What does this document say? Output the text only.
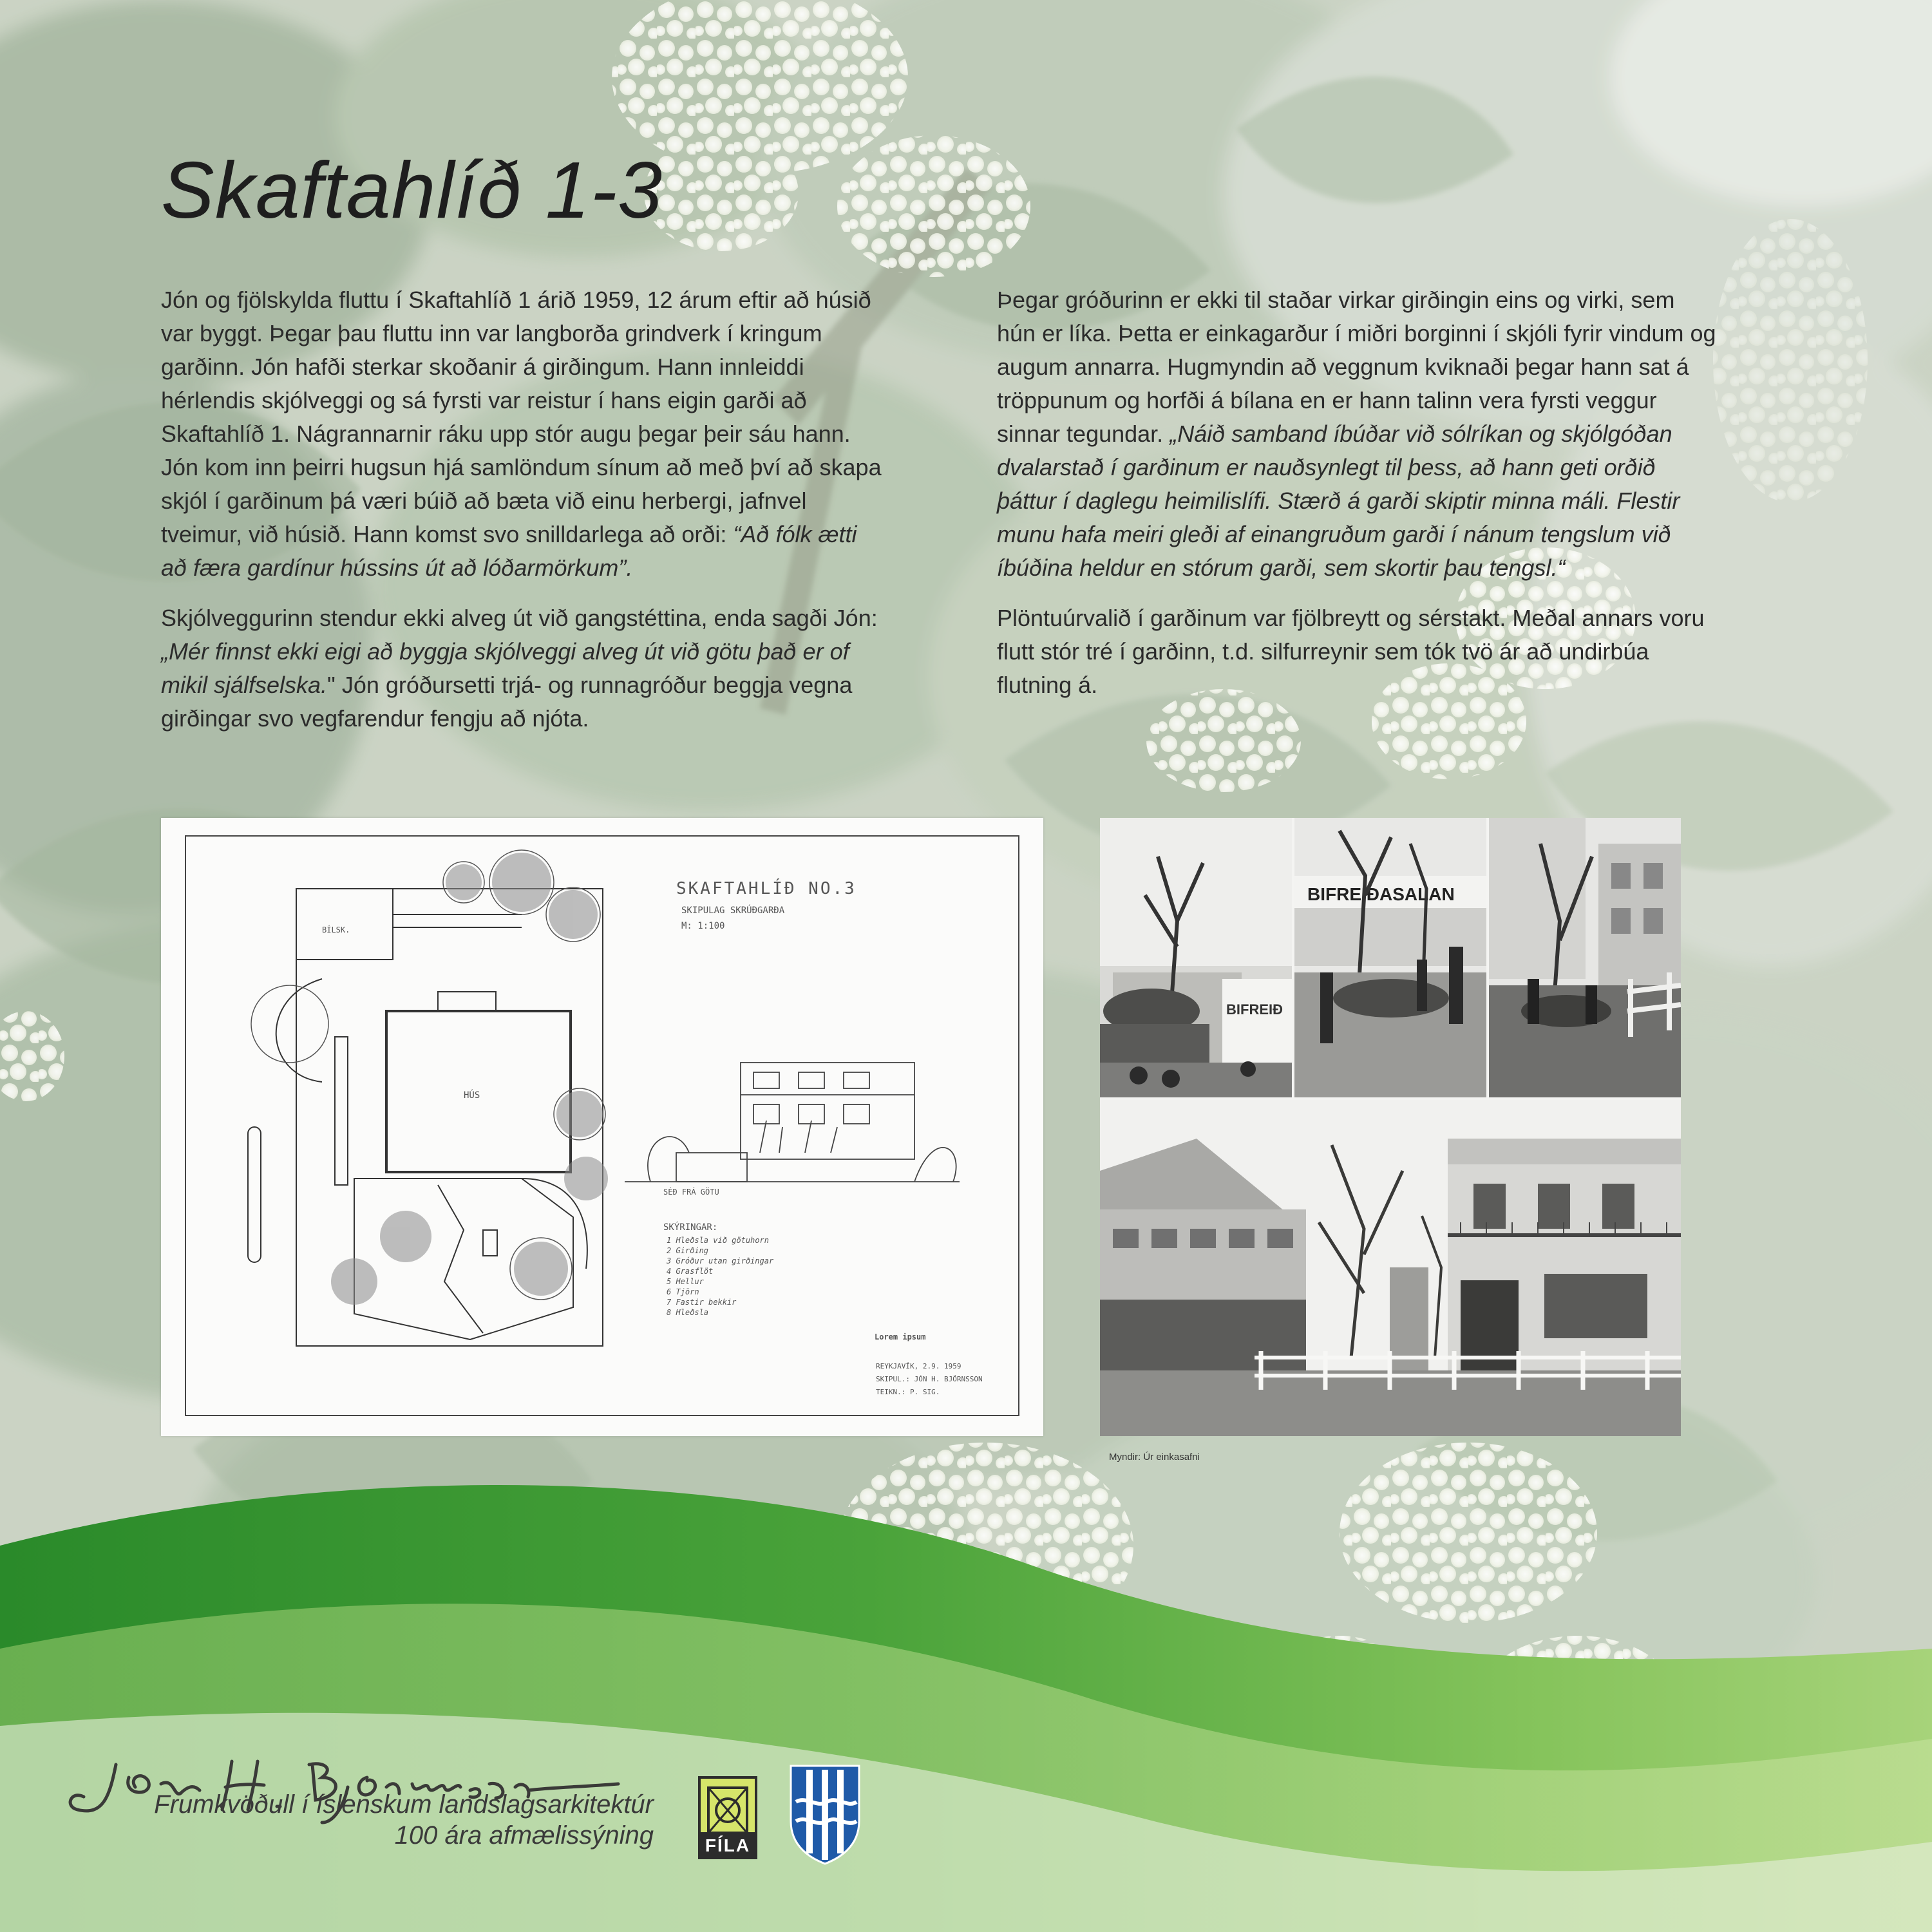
Skaftahlíð 1-3

Jón og fjölskylda fluttu í Skaftahlíð 1 árið 1959, 12 árum eftir að húsið var byggt. Þegar þau fluttu inn var langborða grindverk í kringum garðinn. Jón hafði sterkar skoðanir á girðingum. Hann innleiddi hérlendis skjólveggi og sá fyrsti var reistur í hans eigin garði að Skaftahlíð 1. Nágrannarnir ráku upp stór augu þegar þeir sáu hann. Jón kom inn þeirri hugsun hjá samlöndum sínum að með því að skapa skjól í garðinum þá væri búið að bæta við einu herbergi, jafnvel tveimur, við húsið. Hann komst svo snilldarlega að orði: “Að fólk ætti að færa gardínur hússins út að lóðarmörkum”.

Skjólveggurinn stendur ekki alveg út við gangstéttina, enda sagði Jón: „Mér finnst ekki eigi að byggja skjólveggi alveg út við götu það er of mikil sjálfselska." Jón gróðursetti trjá- og runnagróður beggja vegna girðingar svo vegfarendur fengju að njóta.

Þegar gróðurinn er ekki til staðar virkar girðingin eins og virki, sem hún er líka. Þetta er einkagarður í miðri borginni í skjóli fyrir vindum og augum annarra. Hugmyndin að veggnum kviknaði þegar hann sat á tröppunum og horfði á bílana en er hann talinn vera fyrsti veggur sinnar tegundar. „Náið samband íbúðar við sólríkan og skjólgóðan dvalarstað í garðinum er nauðsynlegt til þess, að hann geti orðið þáttur í daglegu heimilislífi. Stærð á garði skiptir minna máli. Flestir munu hafa meiri gleði af einangruðum garði í nánum tengslum við íbúðina heldur en stórum garði, sem skortir þau tengsl.“

Plöntuúrvalið í garðinum var fjölbreytt og sérstakt. Meðal annars voru flutt stór tré í garðinn, t.d. silfurreynir sem tók tvö ár að undirbúa flutning á.

SKAFTAHLÍÐ NO.3
SKIPULAG SKRÚÐGARÐA
M: 1:100
HÚS
BÍLSK.
SÉÐ FRÁ GÖTU
SKÝRINGAR:
1 Hleðsla við götuhorn
2 Girðing
3 Gróður utan girðingar
4 Grasflöt
5 Hellur
6 Tjörn
7 Fastir bekkir
8 Hleðsla
Lorem ipsum
REYKJAVÍK, 2.9. 1959
SKIPUL.: JÓN H. BJÖRNSSON
TEIKN.: P. SIG.
BIFREIÐ
BIFREIÐASALAN
Myndir: Úr einkasafni
Frumkvöðull í íslenskum landslagsarkitektúr
100 ára afmælissýning	FÍLA
